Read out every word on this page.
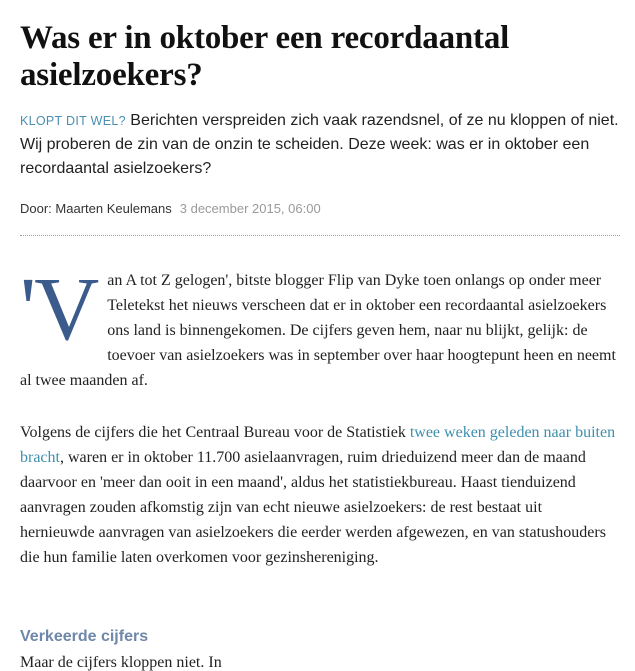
Was er in oktober een recordaantal asielzoekers?

KLOPT DIT WEL? Berichten verspreiden zich vaak razendsnel, of ze nu kloppen of niet. Wij proberen de zin van de onzin te scheiden. Deze week: was er in oktober een recordaantal asielzoekers?

Door: Maarten Keulemans 3 december 2015, 06:00

'Van A tot Z gelogen', bitste blogger Flip van Dyke toen onlangs op onder meer Teletekst het nieuws verscheen dat er in oktober een recordaantal asielzoekers ons land is binnengekomen. De cijfers geven hem, naar nu blijkt, gelijk: de toevoer van asielzoekers was in september over haar hoogtepunt heen en neemt al twee maanden af.

Volgens de cijfers die het Centraal Bureau voor de Statistiek twee weken geleden naar buiten bracht, waren er in oktober 11.700 asielaanvragen, ruim drieduizend meer dan de maand daarvoor en 'meer dan ooit in een maand', aldus het statistiekbureau. Haast tienduizend aanvragen zouden afkomstig zijn van echt nieuwe asielzoekers: de rest bestaat uit hernieuwde aanvragen van asielzoekers die eerder werden afgewezen, en van statushouders die hun familie laten overkomen voor gezinshereniging.

Verkeerde cijfers

Maar de cijfers kloppen niet. In
